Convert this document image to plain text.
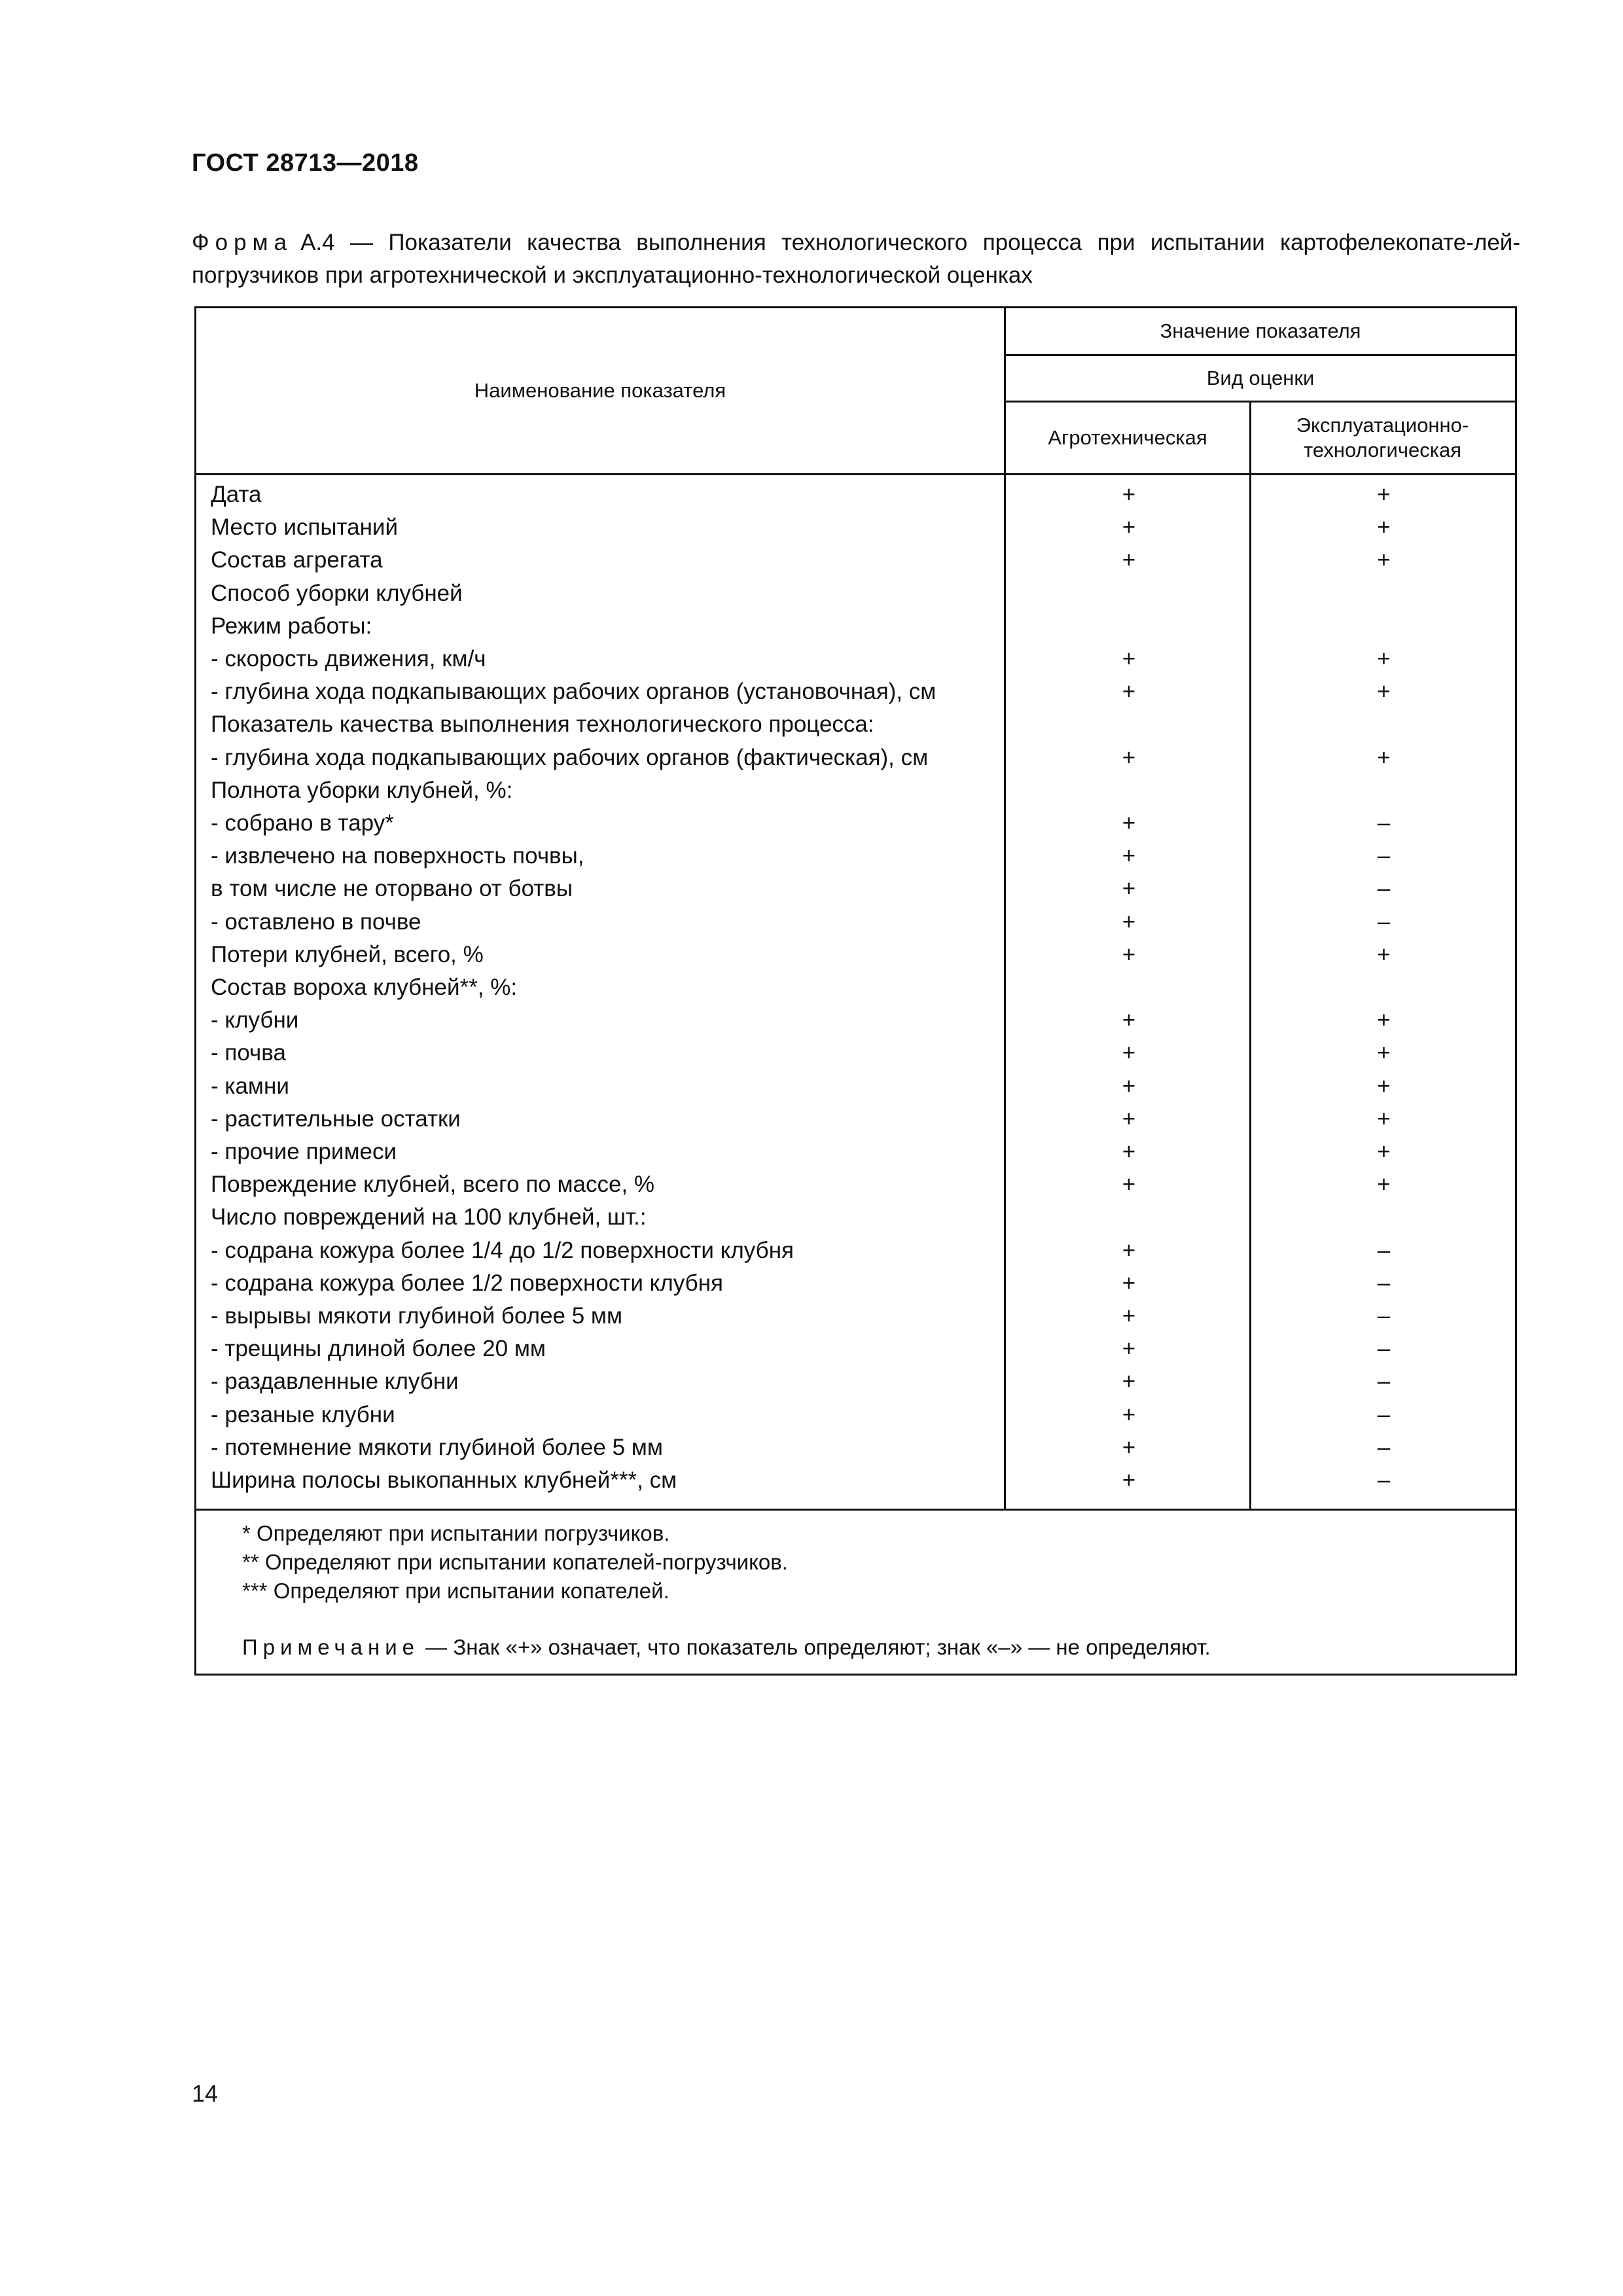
ГОСТ 28713—2018
Форма А.4 — Показатели качества выполнения технологического процесса при испытании картофелекопате-лей-погрузчиков при агротехнической и эксплуатационно-технологической оценках
Наименование показателя
Значение показателя
Вид оценки
Агротехническая
Эксплуатационно-технологическая
Дата	+	+
Место испытаний	+	+
Состав агрегата	+	+
Способ уборки клубней
Режим работы:
- скорость движения, км/ч	+	+
- глубина хода подкапывающих рабочих органов (установочная), см	+	+
Показатель качества выполнения технологического процесса:
- глубина хода подкапывающих рабочих органов (фактическая), см	+	+
Полнота уборки клубней, %:
- собрано в тару*	+	–
- извлечено на поверхность почвы,	+	–
в том числе не оторвано от ботвы	+	–
- оставлено в почве	+	–
Потери клубней, всего, %	+	+
Состав вороха клубней**, %:
- клубни	+	+
- почва	+	+
- камни	+	+
- растительные остатки	+	+
- прочие примеси	+	+
Повреждение клубней, всего по массе, %	+	+
Число повреждений на 100 клубней, шт.:
- содрана кожура более 1/4 до 1/2 поверхности клубня	+	–
- содрана кожура более 1/2 поверхности клубня	+	–
- вырывы мякоти глубиной более 5 мм	+	–
- трещины длиной более 20 мм	+	–
- раздавленные клубни	+	–
- резаные клубни	+	–
- потемнение мякоти глубиной более 5 мм	+	–
Ширина полосы выкопанных клубней***, см	+	–
* Определяют при испытании погрузчиков.
** Определяют при испытании копателей-погрузчиков.
*** Определяют при испытании копателей.
Примечание — Знак «+» означает, что показатель определяют; знак «–» — не определяют.
14
